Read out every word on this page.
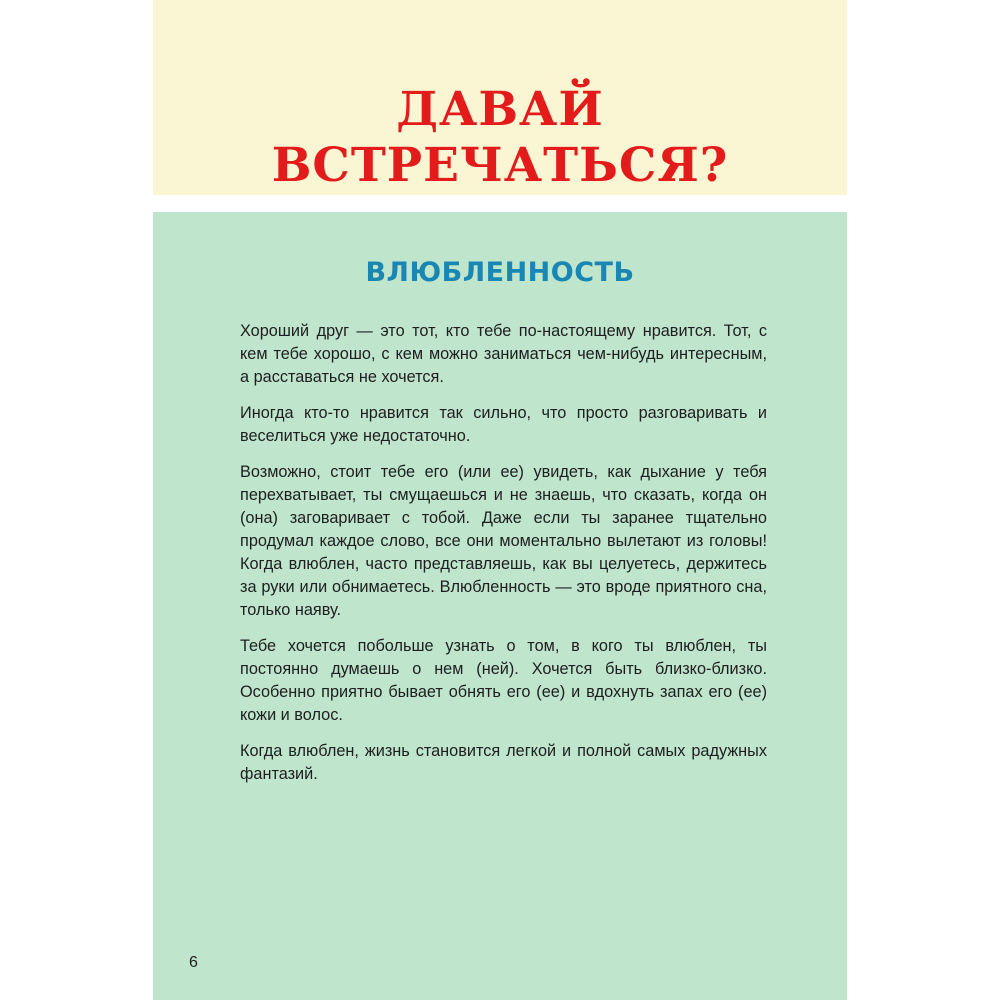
ДАВАЙ
ВСТРЕЧАТЬСЯ?
ВЛЮБЛЕННОСТЬ

Хороший друг — это тот, кто тебе по-настоящему нравится. Тот, с кем тебе хорошо, с кем можно заниматься чем-нибудь интересным, а расставаться не хочется.

Иногда кто-то нравится так сильно, что просто разговаривать и веселиться уже недостаточно.

Возможно, стоит тебе его (или ее) увидеть, как дыхание у тебя перехватывает, ты смущаешься и не знаешь, что сказать, когда он (она) заговаривает с тобой. Даже если ты заранее тщательно продумал каждое слово, все они моментально вылетают из головы! Когда влюблен, часто представляешь, как вы целуетесь, держитесь за руки или обнимаетесь. Влюбленность — это вроде приятного сна, только наяву.

Тебе хочется побольше узнать о том, в кого ты влюблен, ты постоянно думаешь о нем (ней). Хочется быть близко-близко. Особенно приятно бывает обнять его (ее) и вдохнуть запах его (ее) кожи и волос.

Когда влюблен, жизнь становится легкой и полной самых радужных фантазий.

6
